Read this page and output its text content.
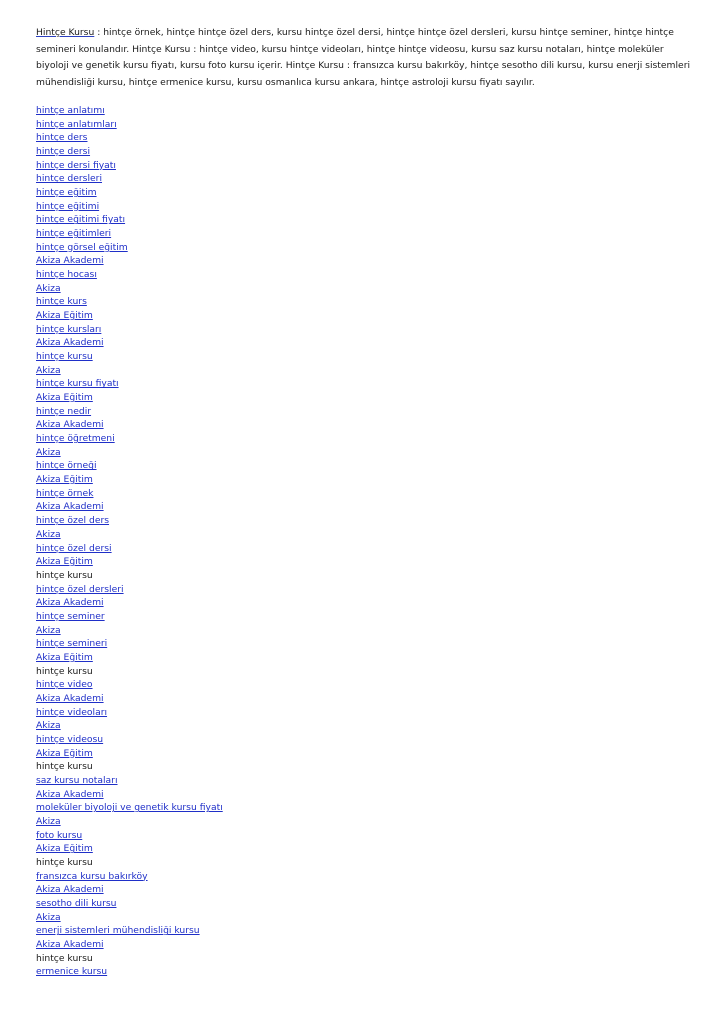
Hintçe Kursu : hintçe örnek, hintçe hintçe özel ders, kursu hintçe özel dersi, hintçe hintçe özel dersleri, kursu hintçe seminer, hintçe hintçe semineri konulandır. Hintçe Kursu : hintçe video, kursu hintçe videoları, hintçe hintçe videosu, kursu saz kursu notaları, hintçe moleküler biyoloji ve genetik kursu fiyatı, kursu foto kursu içerir. Hintçe Kursu : fransızca kursu bakırköy, hintçe sesotho dili kursu, kursu enerji sistemleri mühendisliği kursu, hintçe ermenice kursu, kursu osmanlıca kursu ankara, hintçe astroloji kursu fiyatı sayılır.

hintçe anlatımı
hintçe anlatımları
hintçe ders
hintçe dersi
hintçe dersi fiyatı
hintçe dersleri
hintçe eğitim
hintçe eğitimi
hintçe eğitimi fiyatı
hintçe eğitimleri
hintçe görsel eğitim
Akiza Akademi
hintçe hocası
Akiza
hintçe kurs
Akiza Eğitim
hintçe kursları
Akiza Akademi
hintçe kursu
Akiza
hintçe kursu fiyatı
Akiza Eğitim
hintçe nedir
Akiza Akademi
hintçe öğretmeni
Akiza
hintçe örneği
Akiza Eğitim
hintçe örnek
Akiza Akademi
hintçe özel ders
Akiza
hintçe özel dersi
Akiza Eğitim
hintçe kursu
hintçe özel dersleri
Akiza Akademi
hintçe seminer
Akiza
hintçe semineri
Akiza Eğitim
hintçe kursu
hintçe video
Akiza Akademi
hintçe videoları
Akiza
hintçe videosu
Akiza Eğitim
hintçe kursu
saz kursu notaları
Akiza Akademi
moleküler biyoloji ve genetik kursu fiyatı
Akiza
foto kursu
Akiza Eğitim
hintçe kursu
fransızca kursu bakırköy
Akiza Akademi
sesotho dili kursu
Akiza
enerji sistemleri mühendisliği kursu
Akiza Akademi
hintçe kursu
ermenice kursu
